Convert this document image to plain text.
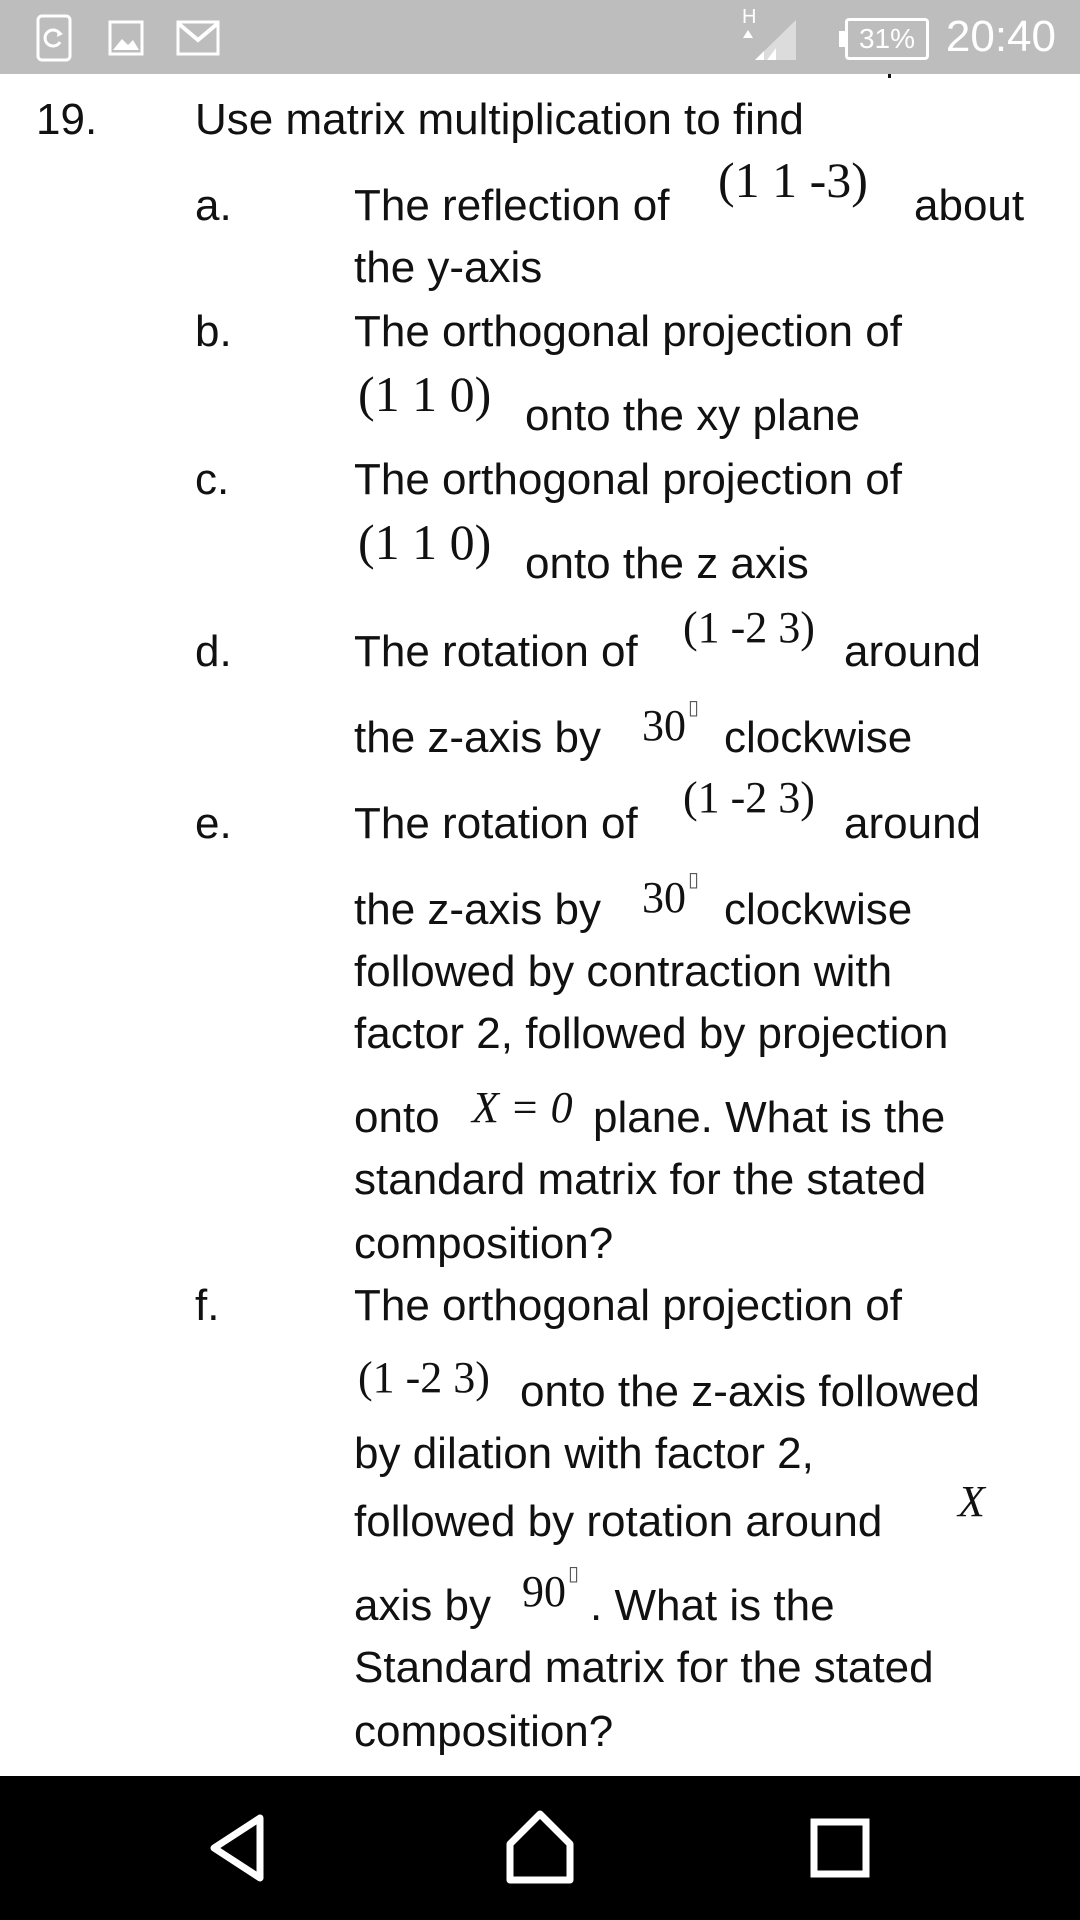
H
31% 20:40
19. Use matrix multiplication to find
a.	The reflection of (1 1 -3) about
the y-axis
b.	The orthogonal projection of
(1 1 0) onto the xy plane
c.	The orthogonal projection of
(1 1 0) onto the z axis
d.	The rotation of (1 -2 3) around
the z-axis by 30 ▯
clockwise
e.	The rotation of
(1 -2 3)
around
the z-axis by 30 ▯
clockwise
followed by contraction with
factor 2, followed by projection
onto X = 0 plane. What is the
standard matrix for the stated
composition?
f.	The orthogonal projection of
(1 -2 3) onto the z-axis followed
by dilation with factor 2,
followed by rotation around X
axis by 90 ▯
. What is the
Standard matrix for the stated
composition?
